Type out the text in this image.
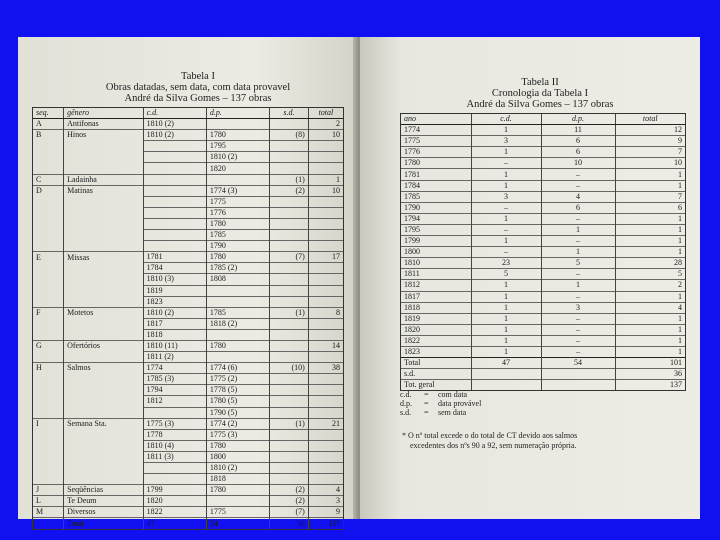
Tabela I
Obras datadas, sem data, com data provavel
André da Silva Gomes – 137 obras
seq.	gênero	c.d.	d.p.	s.d.	total
A	Antifonas	1810 (2)			2
B	Hinos	1810 (2)	1780	(8)	10
			1795		
			1810 (2)		
			1820		
C	Ladainha			(1)	1
D	Matinas		1774 (3)	(2)	10
			1775		
			1776		
			1780		
			1785		
			1790		
E	Missas	1781	1780	(7)	17
		1784	1785 (2)		
		1810 (3)	1808		
		1819			
		1823			
F	Motetos	1810 (2)	1785	(1)	8
		1817	1818 (2)		
		1818			
G	Ofertórios	1810 (11)	1780		14
		1811 (2)			
H	Salmos	1774	1774 (6)	(10)	38
		1785 (3)	1775 (2)		
		1794	1778 (5)		
		1812	1780 (5)		
			1790 (5)		
I	Semana Sta.	1775 (3)	1774 (2)	(1)	21
		1778	1775 (3)		
		1810 (4)	1780		
		1811 (3)	1800		
			1810 (2)		
			1818		
J	Seqüências	1799	1780	(2)	4
L	Te Deum	1820		(2)	3
M	Diversos	1822	1775	(7)	9
	Total	47	54	36	137
Tabela II
Cronologia da Tabela I
André da Silva Gomes – 137 obras
ano	c.d.	d.p.	total
1774	1	11	12
1775	3	6	9
1776	1	6	7
1780	–	10	10
1781	1	–	1
1784	1	–	1
1785	3	4	7
1790	–	6	6
1794	1	–	1
1795	–	1	1
1799	1	–	1
1800	–	1	1
1810	23	5	28
1811	5	–	5
1812	1	1	2
1817	1	–	1
1818	1	3	4
1819	1	–	1
1820	1	–	1
1822	1	–	1
1823	1	–	1
Total	47	54	101
s.d.			36
Tot. geral			137
c.d. = com data
d.p. = data provável
s.d. = sem data
* O nº total excede o do total de CT devido aos salmos
excedentes dos nºs 90 a 92, sem numeração própria.
